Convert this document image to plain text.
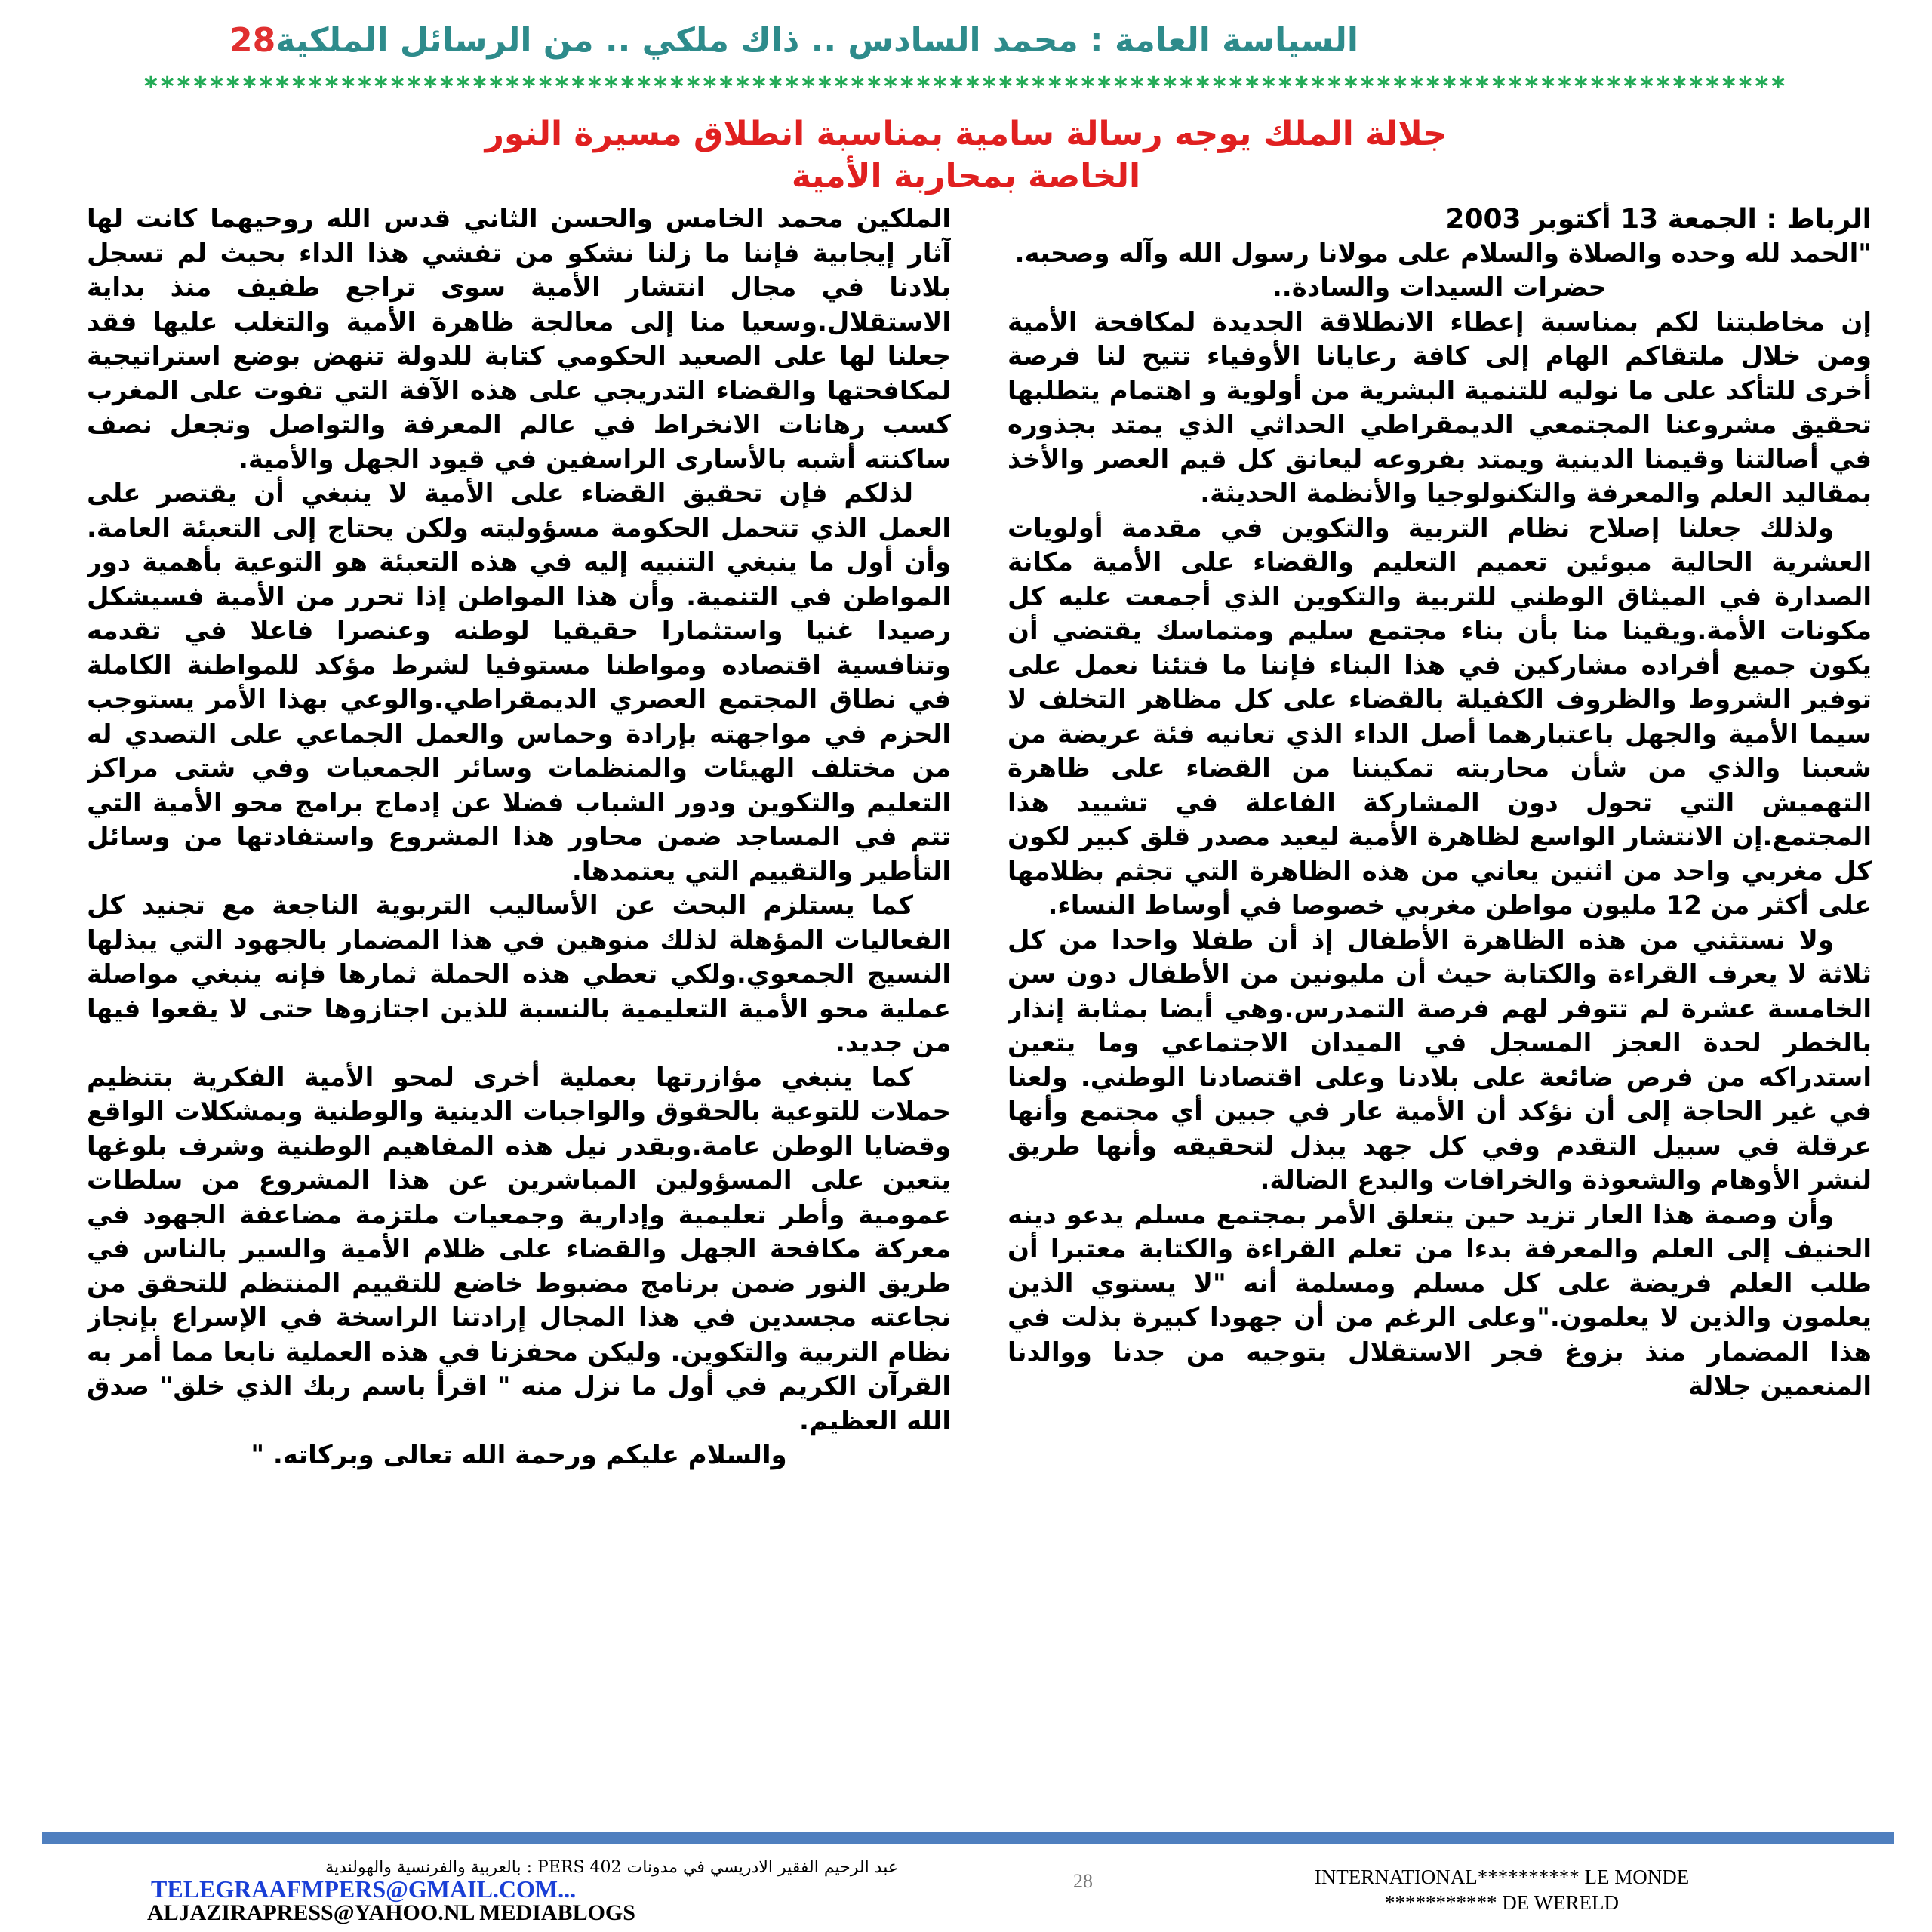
السياسة العامة : محمد السادس .. ذاك ملكي .. من الرسائل الملكية28
****************************************************************************************************
جلالة الملك يوجه رسالة سامية بمناسبة انطلاق مسيرة النور
الخاصة بمحاربة الأمية

الرباط : الجمعة 13 أكتوبر 2003

"الحمد لله وحده والصلاة والسلام على مولانا رسول الله وآله وصحبه.

حضرات السيدات والسادة..

إن مخاطبتنا لكم بمناسبة إعطاء الانطلاقة الجديدة لمكافحة الأمية ومن خلال ملتقاكم الهام إلى كافة رعايانا الأوفياء تتيح لنا فرصة أخرى للتأكد على ما نوليه للتنمية البشرية من أولوية و اهتمام يتطلبها تحقيق مشروعنا المجتمعي الديمقراطي الحداثي الذي يمتد بجذوره في أصالتنا وقيمنا الدينية ويمتد بفروعه ليعانق كل قيم العصر والأخذ بمقاليد العلم والمعرفة والتكنولوجيا والأنظمة الحديثة.

ولذلك جعلنا إصلاح نظام التربية والتكوين في مقدمة أولويات العشرية الحالية مبوئين تعميم التعليم والقضاء على الأمية مكانة الصدارة في الميثاق الوطني للتربية والتكوين الذي أجمعت عليه كل مكونات الأمة.ويقينا منا بأن بناء مجتمع سليم ومتماسك يقتضي أن يكون جميع أفراده مشاركين في هذا البناء فإننا ما فتئنا نعمل على توفير الشروط والظروف الكفيلة بالقضاء على كل مظاهر التخلف لا سيما الأمية والجهل باعتبارهما أصل الداء الذي تعانيه فئة عريضة من شعبنا والذي من شأن محاربته تمكيننا من القضاء على ظاهرة التهميش التي تحول دون المشاركة الفاعلة في تشييد هذا المجتمع.إن الانتشار الواسع لظاهرة الأمية ليعيد مصدر قلق كبير لكون كل مغربي واحد من اثنين يعاني من هذه الظاهرة التي تجثم بظلامها على أكثر من 12 مليون مواطن مغربي خصوصا في أوساط النساء.

ولا نستثني من هذه الظاهرة الأطفال إذ أن طفلا واحدا من كل ثلاثة لا يعرف القراءة والكتابة حيث أن مليونين من الأطفال دون سن الخامسة عشرة لم تتوفر لهم فرصة التمدرس.وهي أيضا بمثابة إنذار بالخطر لحدة العجز المسجل في الميدان الاجتماعي وما يتعين استدراكه من فرص ضائعة على بلادنا وعلى اقتصادنا الوطني. ولعنا في غير الحاجة إلى أن نؤكد أن الأمية عار في جبين أي مجتمع وأنها عرقلة في سبيل التقدم وفي كل جهد يبذل لتحقيقه وأنها طريق لنشر الأوهام والشعوذة والخرافات والبدع الضالة.

وأن وصمة هذا العار تزيد حين يتعلق الأمر بمجتمع مسلم يدعو دينه الحنيف إلى العلم والمعرفة بدءا من تعلم القراءة والكتابة معتبرا أن طلب العلم فريضة على كل مسلم ومسلمة أنه "لا يستوي الذين يعلمون والذين لا يعلمون."وعلى الرغم من أن جهودا كبيرة بذلت في هذا المضمار منذ بزوغ فجر الاستقلال بتوجيه من جدنا ووالدنا المنعمين جلالة

الملكين محمد الخامس والحسن الثاني قدس الله روحيهما كانت لها آثار إيجابية فإننا ما زلنا نشكو من تفشي هذا الداء بحيث لم تسجل بلادنا في مجال انتشار الأمية سوى تراجع طفيف منذ بداية الاستقلال.وسعيا منا إلى معالجة ظاهرة الأمية والتغلب عليها فقد جعلنا لها على الصعيد الحكومي كتابة للدولة تنهض بوضع استراتيجية لمكافحتها والقضاء التدريجي على هذه الآفة التي تفوت على المغرب كسب رهانات الانخراط في عالم المعرفة والتواصل وتجعل نصف ساكنته أشبه بالأسارى الراسفين في قيود الجهل والأمية.

لذلكم فإن تحقيق القضاء على الأمية لا ينبغي أن يقتصر على العمل الذي تتحمل الحكومة مسؤوليته ولكن يحتاج إلى التعبئة العامة. وأن أول ما ينبغي التنبيه إليه في هذه التعبئة هو التوعية بأهمية دور المواطن في التنمية. وأن هذا المواطن إذا تحرر من الأمية فسيشكل رصيدا غنيا واستثمارا حقيقيا لوطنه وعنصرا فاعلا في تقدمه وتنافسية اقتصاده ومواطنا مستوفيا لشرط مؤكد للمواطنة الكاملة في نطاق المجتمع العصري الديمقراطي.والوعي بهذا الأمر يستوجب الحزم في مواجهته بإرادة وحماس والعمل الجماعي على التصدي له من مختلف الهيئات والمنظمات وسائر الجمعيات وفي شتى مراكز التعليم والتكوين ودور الشباب فضلا عن إدماج برامج محو الأمية التي تتم في المساجد ضمن محاور هذا المشروع واستفادتها من وسائل التأطير والتقييم التي يعتمدها.

كما يستلزم البحث عن الأساليب التربوية الناجعة مع تجنيد كل الفعاليات المؤهلة لذلك منوهين في هذا المضمار بالجهود التي يبذلها النسيج الجمعوي.ولكي تعطي هذه الحملة ثمارها فإنه ينبغي مواصلة عملية محو الأمية التعليمية بالنسبة للذين اجتازوها حتى لا يقعوا فيها من جديد.

كما ينبغي مؤازرتها بعملية أخرى لمحو الأمية الفكرية بتنظيم حملات للتوعية بالحقوق والواجبات الدينية والوطنية وبمشكلات الواقع وقضايا الوطن عامة.وبقدر نيل هذه المفاهيم الوطنية وشرف بلوغها يتعين على المسؤولين المباشرين عن هذا المشروع من سلطات عمومية وأطر تعليمية وإدارية وجمعيات ملتزمة مضاعفة الجهود في معركة مكافحة الجهل والقضاء على ظلام الأمية والسير بالناس في طريق النور ضمن برنامج مضبوط خاضع للتقييم المنتظم للتحقق من نجاعته مجسدين في هذا المجال إرادتنا الراسخة في الإسراع بإنجاز نظام التربية والتكوين. وليكن محفزنا في هذه العملية نابعا مما أمر به القرآن الكريم في أول ما نزل منه " اقرأ باسم ربك الذي خلق" صدق الله العظيم.

والسلام عليكم ورحمة الله تعالى وبركاته. "

عبد الرحيم الفقير الادريسي في مدونات PERS 402 : بالعربية والفرنسية والهولندية
TELEGRAAFMPERS@GMAIL.COM...
ALJAZIRAPRESS@YAHOO.NL MEDIABLOGS
28	INTERNATIONAL********** LE MONDE
*********** DE WERELD
